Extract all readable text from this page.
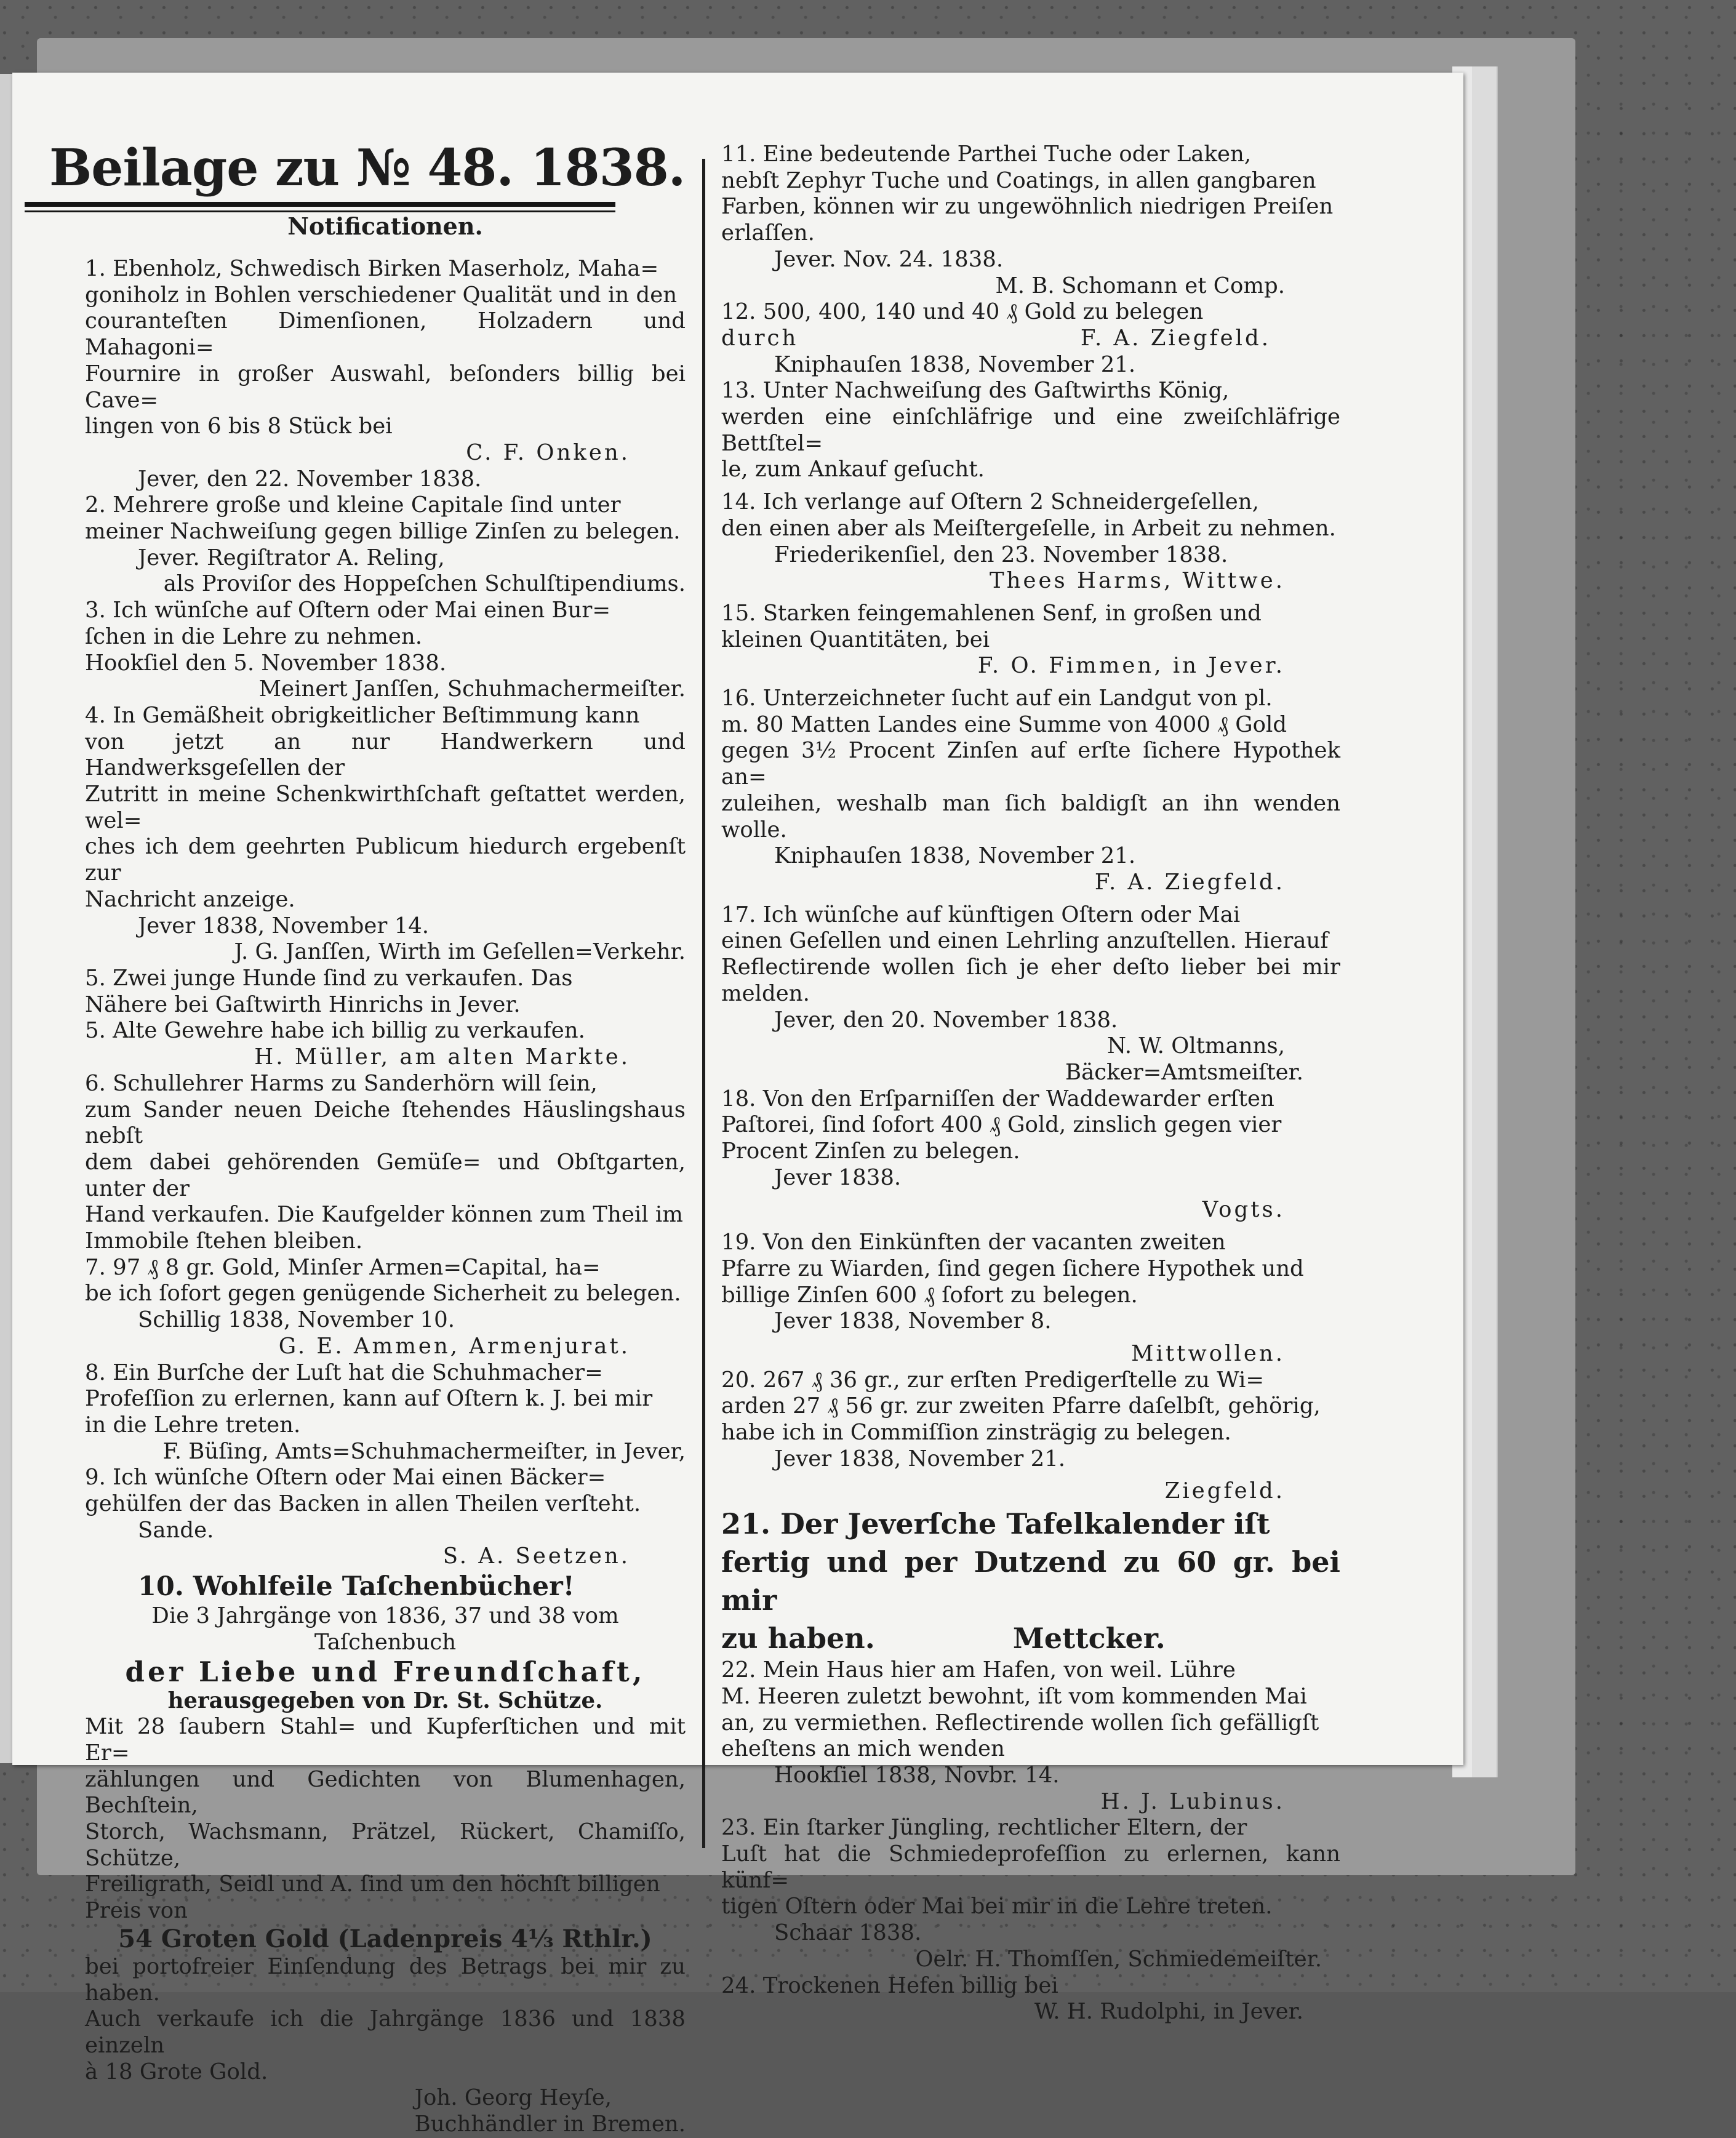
Beilage zu № 48. 1838.
Notificationen.

1. Ebenholz, Schwedisch Birken Maserholz, Maha=

goniholz in Bohlen verschiedener Qualität und in den

couranteſten Dimenſionen, Holzadern und Mahagoni=

Fournire in großer Auswahl, beſonders billig bei Cave=

lingen von 6 bis 8 Stück bei

C. F. Onken.

Jever, den 22. November 1838.

2. Mehrere große und kleine Capitale ſind unter

meiner Nachweiſung gegen billige Zinſen zu belegen.

Jever. Regiſtrator A. Reling,

als Proviſor des Hoppeſchen Schulſtipendiums.

3. Ich wünſche auf Oſtern oder Mai einen Bur=

ſchen in die Lehre zu nehmen.

Hookſiel den 5. November 1838.

Meinert Janſſen, Schuhmachermeiſter.

4. In Gemäßheit obrigkeitlicher Beſtimmung kann

von jetzt an nur Handwerkern und Handwerksgeſellen der

Zutritt in meine Schenkwirthſchaft geſtattet werden, wel=

ches ich dem geehrten Publicum hiedurch ergebenſt zur

Nachricht anzeige.

Jever 1838, November 14.

J. G. Janſſen, Wirth im Geſellen=Verkehr.

5. Zwei junge Hunde ſind zu verkaufen. Das

Nähere bei Gaſtwirth Hinrichs in Jever.

5. Alte Gewehre habe ich billig zu verkaufen.

H. Müller, am alten Markte.

6. Schullehrer Harms zu Sanderhörn will ſein,

zum Sander neuen Deiche ſtehendes Häuslingshaus nebſt

dem dabei gehörenden Gemüſe= und Obſtgarten, unter der

Hand verkaufen. Die Kaufgelder können zum Theil im

Immobile ſtehen bleiben.

7. 97 ₰ 8 gr. Gold, Minſer Armen=Capital, ha=

be ich ſofort gegen genügende Sicherheit zu belegen.

Schillig 1838, November 10.

G. E. Ammen, Armenjurat.

8. Ein Burſche der Luſt hat die Schuhmacher=

Profeſſion zu erlernen, kann auf Oſtern k. J. bei mir

in die Lehre treten.

F. Büſing, Amts=Schuhmachermeiſter, in Jever,

9. Ich wünſche Oſtern oder Mai einen Bäcker=

gehülfen der das Backen in allen Theilen verſteht.

Sande.

S. A. Seetzen.

10. Wohlfeile Taſchenbücher!

Die 3 Jahrgänge von 1836, 37 und 38 vom

Taſchenbuch

der Liebe und Freundſchaft,

herausgegeben von Dr. St. Schütze.

Mit 28 ſaubern Stahl= und Kupferſtichen und mit Er=

zählungen und Gedichten von Blumenhagen, Bechſtein,

Storch, Wachsmann, Prätzel, Rückert, Chamiſſo, Schütze,

Freiligrath, Seidl und A. ſind um den höchſt billigen

Preis von

54 Groten Gold (Ladenpreis 4⅓ Rthlr.)

bei portofreier Einſendung des Betrags bei mir zu haben.

Auch verkaufe ich die Jahrgänge 1836 und 1838 einzeln

à 18 Grote Gold.

Joh. Georg Heyſe,

Buchhändler in Bremen.

11. Eine bedeutende Parthei Tuche oder Laken,

nebſt Zephyr Tuche und Coatings, in allen gangbaren

Farben, können wir zu ungewöhnlich niedrigen Preiſen

erlaſſen.

Jever. Nov. 24. 1838.

M. B. Schomann et Comp.

12. 500, 400, 140 und 40 ₰ Gold zu belegen

durch                              F. A. Ziegfeld.

Kniphauſen 1838, November 21.

13. Unter Nachweiſung des Gaſtwirths König,

werden eine einſchläfrige und eine zweiſchläfrige Bettſtel=

le, zum Ankauf geſucht.

14. Ich verlange auf Oſtern 2 Schneidergeſellen,

den einen aber als Meiſtergeſelle, in Arbeit zu nehmen.

Friederikenſiel, den 23. November 1838.

Thees Harms, Wittwe.

15. Starken feingemahlenen Senf, in großen und

kleinen Quantitäten, bei

F. O. Fimmen, in Jever.

16. Unterzeichneter ſucht auf ein Landgut von pl.

m. 80 Matten Landes eine Summe von 4000 ₰ Gold

gegen 3½ Procent Zinſen auf erſte ſichere Hypothek an=

zuleihen, weshalb man ſich baldigſt an ihn wenden wolle.

Kniphauſen 1838, November 21.

F. A. Ziegfeld.

17. Ich wünſche auf künftigen Oſtern oder Mai

einen Geſellen und einen Lehrling anzuſtellen. Hierauf

Reflectirende wollen ſich je eher deſto lieber bei mir melden.

Jever, den 20. November 1838.

N. W. Oltmanns,

Bäcker=Amtsmeiſter.

18. Von den Erſparniſſen der Waddewarder erſten

Paſtorei, ſind ſofort 400 ₰ Gold, zinslich gegen vier

Procent Zinſen zu belegen.

Jever 1838.

Vogts.

19. Von den Einkünften der vacanten zweiten

Pfarre zu Wiarden, ſind gegen ſichere Hypothek und

billige Zinſen 600 ₰ ſofort zu belegen.

Jever 1838, November 8.

Mittwollen.

20. 267 ₰ 36 gr., zur erſten Predigerſtelle zu Wi=

arden 27 ₰ 56 gr. zur zweiten Pfarre daſelbſt, gehörig,

habe ich in Commiſſion zinsträgig zu belegen.

Jever 1838, November 21.

Ziegfeld.

21. Der Jeverſche Tafelkalender iſt

fertig und per Dutzend zu 60 gr. bei mir

zu haben.              Mettcker.

22. Mein Haus hier am Hafen, von weil. Lühre

M. Heeren zuletzt bewohnt, iſt vom kommenden Mai

an, zu vermiethen. Reflectirende wollen ſich gefälligſt

eheſtens an mich wenden

Hookſiel 1838, Novbr. 14.

H. J. Lubinus.

23. Ein ſtarker Jüngling, rechtlicher Eltern, der

Luſt hat die Schmiedeprofeſſion zu erlernen, kann künf=

tigen Oſtern oder Mai bei mir in die Lehre treten.

Schaar 1838.

Oelr. H. Thomſſen, Schmiedemeiſter.

24. Trockenen Hefen billig bei

W. H. Rudolphi, in Jever.
